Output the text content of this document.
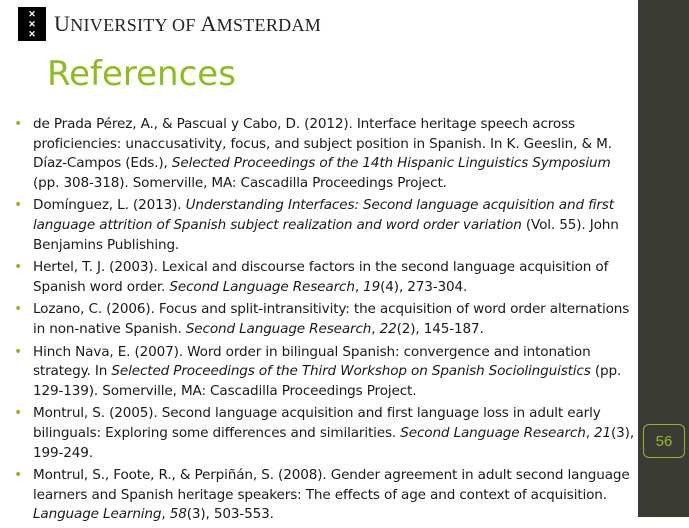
✕
✕
✕ UNIVERSITY OF AMSTERDAM
References
• de Prada Pérez, A., & Pascual y Cabo, D. (2012). Interface heritage speech across proficiencies: unaccusativity, focus, and subject position in Spanish. In K. Geeslin, & M. Díaz-Campos (Eds.), Selected Proceedings of the 14th Hispanic Linguistics Symposium (pp. 308-318). Somerville, MA: Cascadilla Proceedings Project.
• Domínguez, L. (2013). Understanding Interfaces: Second language acquisition and first language attrition of Spanish subject realization and word order variation (Vol. 55). John Benjamins Publishing.
• Hertel, T. J. (2003). Lexical and discourse factors in the second language acquisition of Spanish word order. Second Language Research, 19(4), 273-304.
• Lozano, C. (2006). Focus and split-intransitivity: the acquisition of word order alternations in non-native Spanish. Second Language Research, 22(2), 145-187.
• Hinch Nava, E. (2007). Word order in bilingual Spanish: convergence and intonation strategy. In Selected Proceedings of the Third Workshop on Spanish Sociolinguistics (pp. 129-139). Somerville, MA: Cascadilla Proceedings Project.
• Montrul, S. (2005). Second language acquisition and first language loss in adult early bilinguals: Exploring some differences and similarities. Second Language Research, 21(3), 199-249.
• Montrul, S., Foote, R., & Perpiñán, S. (2008). Gender agreement in adult second language learners and Spanish heritage speakers: The effects of age and context of acquisition. Language Learning, 58(3), 503-553.
56
